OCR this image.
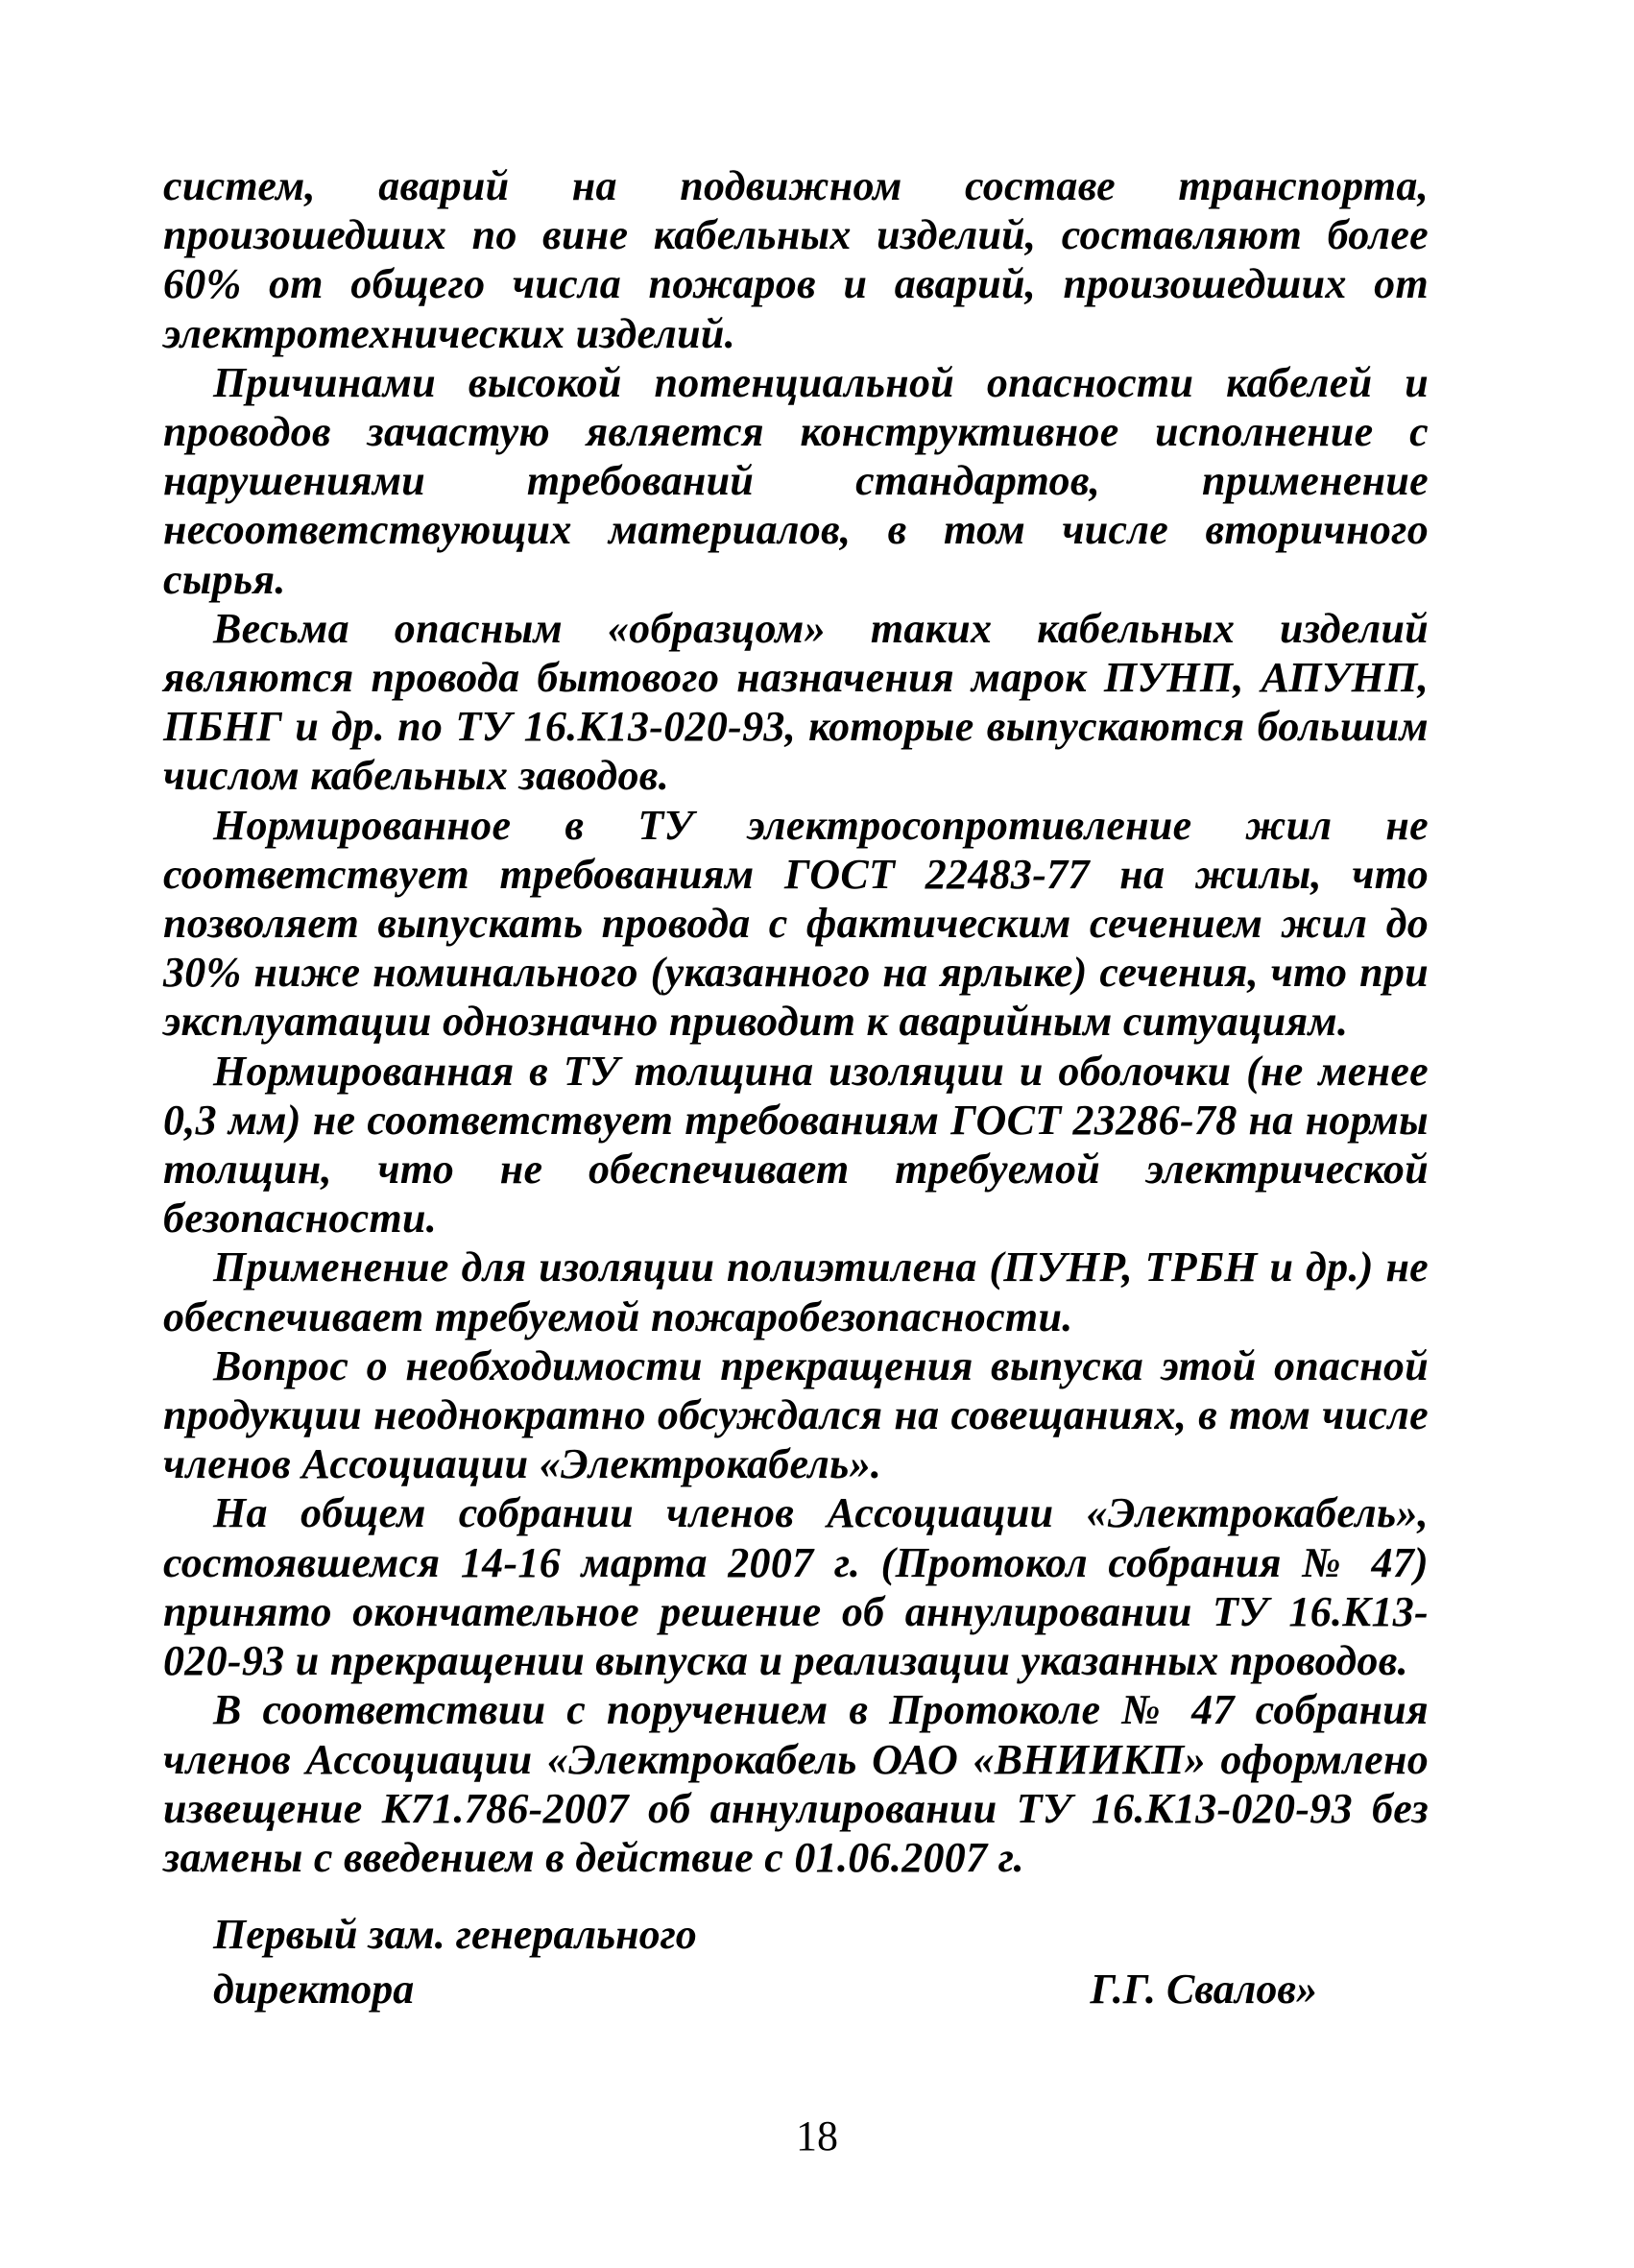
систем, аварий на подвижном составе транспорта, произошедших по вине кабельных изделий, составляют более 60% от общего числа пожаров и аварий, произошедших от электротехнических изделий.

Причинами высокой потенциальной опасности кабелей и проводов зачастую является конструктивное исполнение с нарушениями требований стандартов, применение несоответствующих материалов, в том числе вторичного сырья.

Весьма опасным «образцом» таких кабельных изделий являются провода бытового назначения марок ПУНП, АПУНП, ПБНГ и др. по ТУ 16.К13-020-93, которые выпускаются большим числом кабельных заводов.

Нормированное в ТУ электросопротивление жил не соответствует требованиям ГОСТ 22483-77 на жилы, что позволяет выпускать провода с фактическим сечением жил до 30% ниже номинального (указанного на ярлыке) сечения, что при эксплуатации однозначно приводит к аварийным ситуациям.

Нормированная в ТУ толщина изоляции и оболочки (не менее 0,3 мм) не соответствует требованиям ГОСТ 23286-78 на нормы толщин, что не обеспечивает требуемой электрической безопасности.

Применение для изоляции полиэтилена (ПУНР, ТРБН и др.) не обеспечивает требуемой пожаробезопасности.

Вопрос о необходимости прекращения выпуска этой опасной продукции неоднократно обсуждался на совещаниях, в том числе членов Ассоциации «Электрокабель».

На общем собрании членов Ассоциации «Электрокабель», состоявшемся 14-16 марта 2007 г. (Протокол собрания № 47) принято окончательное решение об аннулировании ТУ 16.К13-020-93 и прекращении выпуска и реализации указанных проводов.

В соответствии с поручением в Протоколе № 47 собрания членов Ассоциации «Электрокабель ОАО «ВНИИКП» оформлено извещение К71.786-2007 об аннулировании ТУ 16.К13-020-93 без замены с введением в действие с 01.06.2007 г.

Первый зам. генерального
директора	Г.Г. Свалов»
18
